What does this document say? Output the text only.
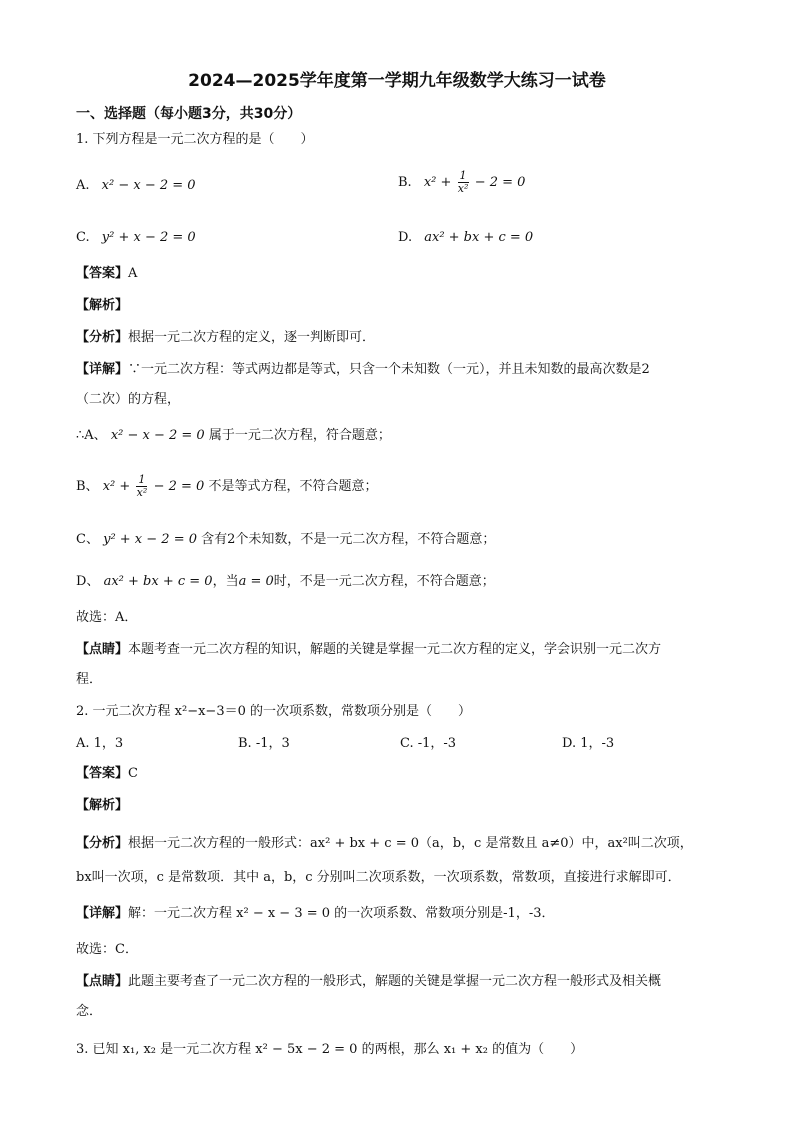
2024—2025学年度第一学期九年级数学大练习一试卷
一、选择题（每小题3分，共30分）
1. 下列方程是一元二次方程的是（　　）
A. x² − x − 2 = 0	B. $x^2 + \frac{1}{\text{x²}} - 2 = 0$
C. y² + x − 2 = 0	D. ax² + bx + c = 0
【答案】A
【解析】
【分析】根据一元二次方程的定义，逐一判断即可．
【详解】∵一元二次方程：等式两边都是等式，只含一个未知数（一元），并且未知数的最高次数是2
（二次）的方程，
∴A、 x² − x − 2 = 0 属于一元二次方程，符合题意；
B、 $x^2 + \frac{1}{\text{x²}} - 2 = 0$ 不是等式方程，不符合题意；
C、 y² + x − 2 = 0 含有2个未知数，不是一元二次方程，不符合题意；
D、 ax² + bx + c = 0，当a = 0时，不是一元二次方程，不符合题意；
故选：A．
【点睛】本题考查一元二次方程的知识，解题的关键是掌握一元二次方程的定义，学会识别一元二次方
程．
2. 一元二次方程 x²−x−3＝0 的一次项系数，常数项分别是（　　）
A. 1，3	B. -1，3	C. -1，-3	D. 1，-3
【答案】C
【解析】
【分析】根据一元二次方程的一般形式：ax² + bx + c = 0（a，b，c 是常数且 a≠0）中，ax²叫二次项，
bx叫一次项，c 是常数项．其中 a，b，c 分别叫二次项系数，一次项系数，常数项，直接进行求解即可．
【详解】解：一元二次方程 x² − x − 3 = 0 的一次项系数、常数项分别是-1，-3．
故选：C．
【点睛】此题主要考查了一元二次方程的一般形式，解题的关键是掌握一元二次方程一般形式及相关概
念．
3. 已知 x₁, x₂ 是一元二次方程 x² − 5x − 2 = 0 的两根，那么 x₁ + x₂ 的值为（　　）
